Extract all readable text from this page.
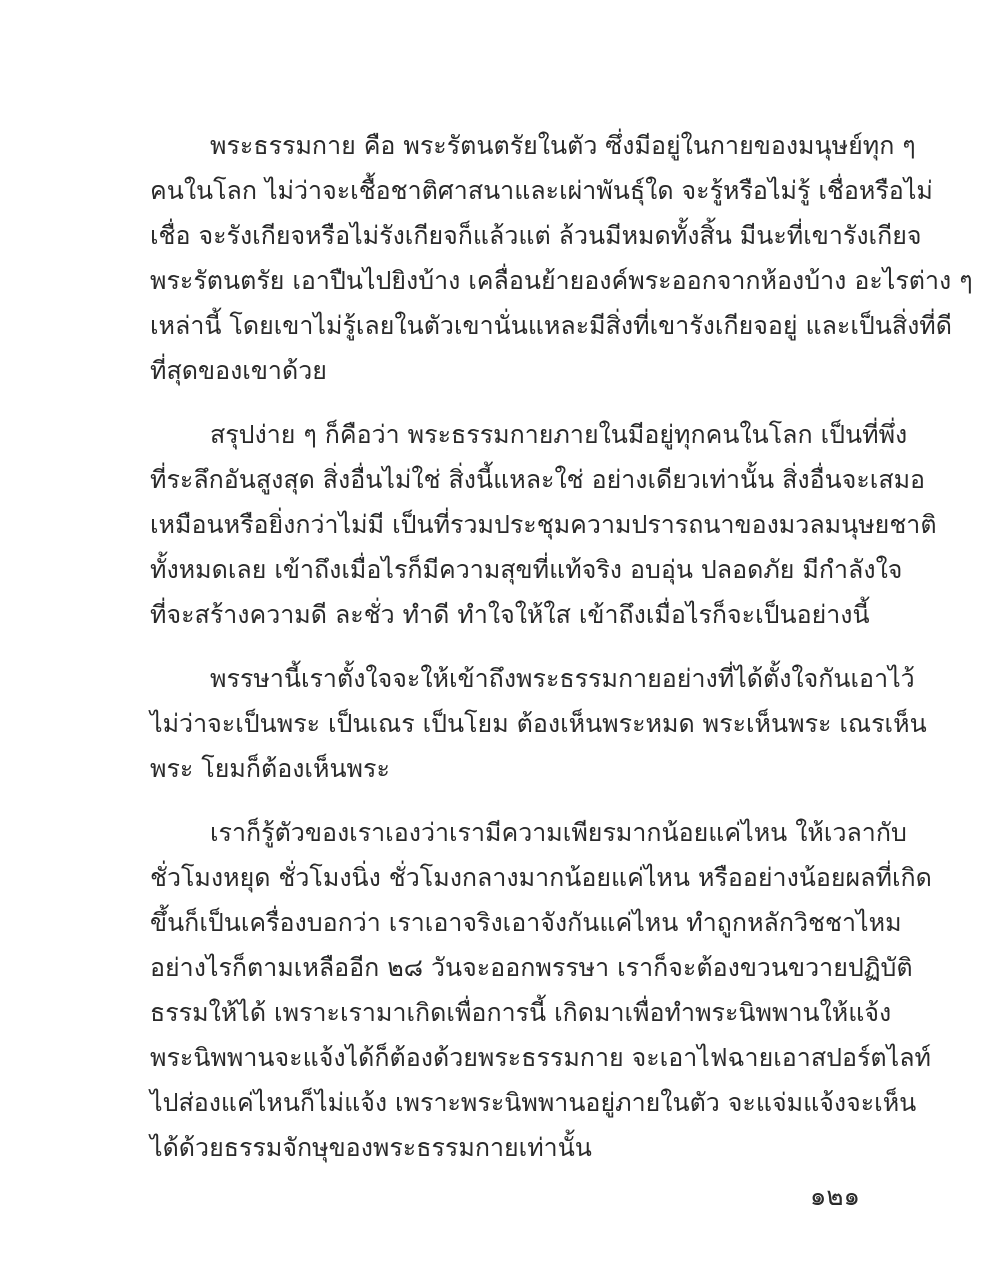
พระธรรมกาย คือ พระรัตนตรัยในตัว ซึ่งมีอยู่ในกายของมนุษย์ทุก ๆ
คนในโลก ไม่ว่าจะเชื้อชาติศาสนาและเผ่าพันธุ์ใด จะรู้หรือไม่รู้ เชื่อหรือไม่
เชื่อ จะรังเกียจหรือไม่รังเกียจก็แล้วแต่ ล้วนมีหมดทั้งสิ้น มีนะที่เขารังเกียจ
พระรัตนตรัย เอาปืนไปยิงบ้าง เคลื่อนย้ายองค์พระออกจากห้องบ้าง อะไรต่าง ๆ
เหล่านี้ โดยเขาไม่รู้เลยในตัวเขานั่นแหละมีสิ่งที่เขารังเกียจอยู่ และเป็นสิ่งที่ดี
ที่สุดของเขาด้วย
สรุปง่าย ๆ ก็คือว่า พระธรรมกายภายในมีอยู่ทุกคนในโลก เป็นที่พึ่ง
ที่ระลึกอันสูงสุด สิ่งอื่นไม่ใช่ สิ่งนี้แหละใช่ อย่างเดียวเท่านั้น สิ่งอื่นจะเสมอ
เหมือนหรือยิ่งกว่าไม่มี เป็นที่รวมประชุมความปรารถนาของมวลมนุษยชาติ
ทั้งหมดเลย เข้าถึงเมื่อไรก็มีความสุขที่แท้จริง อบอุ่น ปลอดภัย มีกำลังใจ
ที่จะสร้างความดี ละชั่ว ทำดี ทำใจให้ใส เข้าถึงเมื่อไรก็จะเป็นอย่างนี้
พรรษานี้เราตั้งใจจะให้เข้าถึงพระธรรมกายอย่างที่ได้ตั้งใจกันเอาไว้
ไม่ว่าจะเป็นพระ เป็นเณร เป็นโยม ต้องเห็นพระหมด พระเห็นพระ เณรเห็น
พระ โยมก็ต้องเห็นพระ
เราก็รู้ตัวของเราเองว่าเรามีความเพียรมากน้อยแค่ไหน ให้เวลากับ
ชั่วโมงหยุด ชั่วโมงนิ่ง ชั่วโมงกลางมากน้อยแค่ไหน หรืออย่างน้อยผลที่เกิด
ขึ้นก็เป็นเครื่องบอกว่า เราเอาจริงเอาจังกันแค่ไหน ทำถูกหลักวิชชาไหม
อย่างไรก็ตามเหลืออีก ๒๘ วันจะออกพรรษา เราก็จะต้องขวนขวายปฏิบัติ
ธรรมให้ได้ เพราะเรามาเกิดเพื่อการนี้ เกิดมาเพื่อทำพระนิพพานให้แจ้ง
พระนิพพานจะแจ้งได้ก็ต้องด้วยพระธรรมกาย จะเอาไฟฉายเอาสปอร์ตไลท์
ไปส่องแค่ไหนก็ไม่แจ้ง เพราะพระนิพพานอยู่ภายในตัว จะแจ่มแจ้งจะเห็น
ได้ด้วยธรรมจักษุของพระธรรมกายเท่านั้น
๑๒๑
